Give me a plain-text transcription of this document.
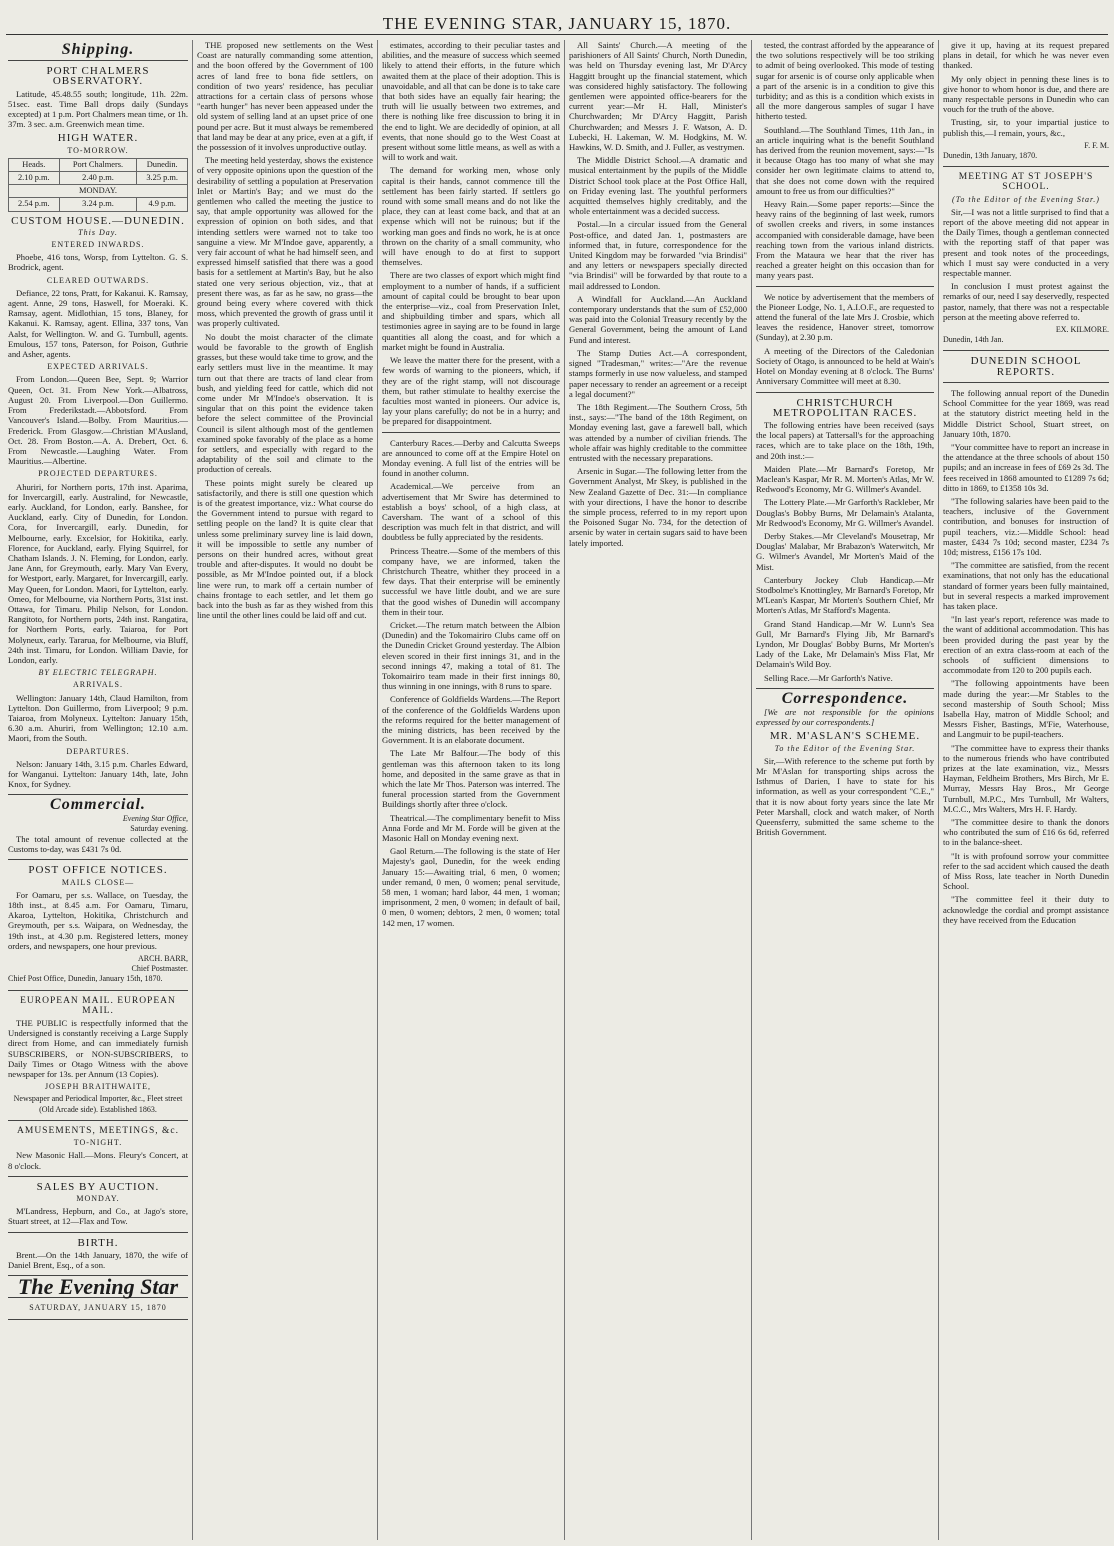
THE EVENING STAR, JANUARY 15, 1870.
Shipping.
PORT CHALMERS OBSERVATORY.

Latitude, 45.48.55 south; longitude, 11h. 22m. 51sec. east. Time Ball drops daily (Sundays excepted) at 1 p.m. Port Chalmers mean time, or 1h. 37m. 3 sec. a.m. Greenwich mean time.

HIGH WATER.
TO-MORROW.
Heads.	Port Chalmers.	Dunedin.
2.10 p.m.	2.40 p.m.	3.25 p.m.
MONDAY.		
2.54 p.m.	3.24 p.m.	4.9 p.m.
CUSTOM HOUSE.—DUNEDIN.
This Day.
ENTERED INWARDS.

Phoebe, 416 tons, Worsp, from Lyttelton. G. S. Brodrick, agent.

CLEARED OUTWARDS.

Defiance, 22 tons, Pratt, for Kakanui. K. Ramsay, agent. Anne, 29 tons, Haswell, for Moeraki. K. Ramsay, agent. Midlothian, 15 tons, Blaney, for Kakanui. K. Ramsay, agent. Ellina, 337 tons, Van Aalst, for Wellington. W. and G. Turnbull, agents. Emulous, 157 tons, Paterson, for Poison, Guthrie and Asher, agents.

EXPECTED ARRIVALS.

From London.—Queen Bee, Sept. 9; Warrior Queen, Oct. 31. From New York.—Albatross, August 20. From Liverpool.—Don Guillermo. From Frederikstadt.—Abbotsford. From Vancouver's Island.—Bolby. From Mauritius.—Frederick. From Glasgow.—Christian M'Ausland, Oct. 28. From Boston.—A. A. Drebert, Oct. 6. From Newcastle.—Laughing Water. From Mauritius.—Albertine.

PROJECTED DEPARTURES.

Ahuriri, for Northern ports, 17th inst. Aparima, for Invercargill, early. Australind, for Newcastle, early. Auckland, for London, early. Banshee, for Auckland, early. City of Dunedin, for London. Cora, for Invercargill, early. Dunedin, for Melbourne, early. Excelsior, for Hokitika, early. Florence, for Auckland, early. Flying Squirrel, for Chatham Islands. J. N. Fleming, for London, early. Jane Ann, for Greymouth, early. Mary Van Every, for Westport, early. Margaret, for Invercargill, early. May Queen, for London. Maori, for Lyttelton, early. Omeo, for Melbourne, via Northern Ports, 31st inst. Ottawa, for Timaru. Philip Nelson, for London. Rangitoto, for Northern ports, 24th inst. Rangatira, for Northern Ports, early. Taiaroa, for Port Molyneux, early. Tararua, for Melbourne, via Bluff, 24th inst. Timaru, for London. William Davie, for London, early.

BY ELECTRIC TELEGRAPH.
ARRIVALS.

Wellington: January 14th, Claud Hamilton, from Lyttelton. Don Guillermo, from Liverpool; 9 p.m. Taiaroa, from Molyneux. Lyttelton: January 15th, 6.30 a.m. Ahuriri, from Wellington; 12.10 a.m. Maori, from the South.

DEPARTURES.

Nelson: January 14th, 3.15 p.m. Charles Edward, for Wanganui. Lyttelton: January 14th, late, John Knox, for Sydney.

Commercial.
Evening Star Office,
Saturday evening.

The total amount of revenue collected at the Customs to-day, was £431 7s 0d.

POST OFFICE NOTICES.
MAILS CLOSE—

For Oamaru, per s.s. Wallace, on Tuesday, the 18th inst., at 8.45 a.m. For Oamaru, Timaru, Akaroa, Lyttelton, Hokitika, Christchurch and Greymouth, per s.s. Waipara, on Wednesday, the 19th inst., at 4.30 p.m. Registered letters, money orders, and newspapers, one hour previous.

ARCH. BARR,
Chief Postmaster.
Chief Post Office, Dunedin, January 15th, 1870.
EUROPEAN MAIL. EUROPEAN MAIL.

THE PUBLIC is respectfully informed that the Undersigned is constantly receiving a Large Supply direct from Home, and can immediately furnish SUBSCRIBERS, or NON-SUBSCRIBERS, to Daily Times or Otago Witness with the above newspaper for 13s. per Annum (13 Copies).

JOSEPH BRAITHWAITE,
Newspaper and Periodical Importer, &c., Fleet street (Old Arcade side). Established 1863.
AMUSEMENTS, MEETINGS, &c.
TO-NIGHT.

New Masonic Hall.—Mons. Fleury's Concert, at 8 o'clock.

SALES BY AUCTION.
MONDAY.

M'Landress, Hepburn, and Co., at Jago's store, Stuart street, at 12—Flax and Tow.

BIRTH.

Brent.—On the 14th January, 1870, the wife of Daniel Brent, Esq., of a son.

The Evening Star
SATURDAY, JANUARY 15, 1870

THE proposed new settlements on the West Coast are naturally commanding some attention, and the boon offered by the Government of 100 acres of land free to bona fide settlers, on condition of two years' residence, has peculiar attractions for a certain class of persons whose "earth hunger" has never been appeased under the old system of selling land at an upset price of one pound per acre. But it must always be remembered that land may be dear at any price, even at a gift, if the possession of it involves unproductive outlay.

The meeting held yesterday, shows the existence of very opposite opinions upon the question of the desirability of settling a population at Preservation Inlet or Martin's Bay; and we must do the gentlemen who called the meeting the justice to say, that ample opportunity was allowed for the expression of opinion on both sides, and that intending settlers were warned not to take too sanguine a view. Mr M'Indoe gave, apparently, a very fair account of what he had himself seen, and expressed himself satisfied that there was a good basis for a settlement at Martin's Bay, but he also stated one very serious objection, viz., that at present there was, as far as he saw, no grass—the ground being every where covered with thick moss, which prevented the growth of grass until it was properly cultivated.

No doubt the moist character of the climate would be favorable to the growth of English grasses, but these would take time to grow, and the early settlers must live in the meantime. It may turn out that there are tracts of land clear from bush, and yielding feed for cattle, which did not come under Mr M'Indoe's observation. It is singular that on this point the evidence taken before the select committee of the Provincial Council is silent although most of the gentlemen examined spoke favorably of the place as a home for settlers, and especially with regard to the adaptability of the soil and climate to the production of cereals.

These points might surely be cleared up satisfactorily, and there is still one question which is of the greatest importance, viz.: What course do the Government intend to pursue with regard to settling people on the land? It is quite clear that unless some preliminary survey line is laid down, it will be impossible to settle any number of persons on their hundred acres, without great trouble and after-disputes. It would no doubt be possible, as Mr M'Indoe pointed out, if a block line were run, to mark off a certain number of chains frontage to each settler, and let them go back into the bush as far as they wished from this line until the other lines could be laid off and cut.

estimates, according to their peculiar tastes and abilities, and the measure of success which seemed likely to attend their efforts, in the future which awaited them at the place of their adoption. This is unavoidable, and all that can be done is to take care that both sides have an equally fair hearing; the truth will lie usually between two extremes, and there is nothing like free discussion to bring it in the end to light. We are decidedly of opinion, at all events, that none should go to the West Coast at present without some little means, as well as with a will to work and wait.

The demand for working men, whose only capital is their hands, cannot commence till the settlement has been fairly started. If settlers go round with some small means and do not like the place, they can at least come back, and that at an expense which will not be ruinous; but if the working man goes and finds no work, he is at once thrown on the charity of a small community, who will have enough to do at first to support themselves.

There are two classes of export which might find employment to a number of hands, if a sufficient amount of capital could be brought to bear upon the enterprise—viz., coal from Preservation Inlet, and shipbuilding timber and spars, which all testimonies agree in saying are to be found in large quantities all along the coast, and for which a market might be found in Australia.

We leave the matter there for the present, with a few words of warning to the pioneers, which, if they are of the right stamp, will not discourage them, but rather stimulate to healthy exercise the faculties most wanted in pioneers. Our advice is, lay your plans carefully; do not be in a hurry; and be prepared for disappointment.

Canterbury Races.—Derby and Calcutta Sweeps are announced to come off at the Empire Hotel on Monday evening. A full list of the entries will be found in another column.

Academical.—We perceive from an advertisement that Mr Swire has determined to establish a boys' school, of a high class, at Caversham. The want of a school of this description was much felt in that district, and will doubtless be fully appreciated by the residents.

Princess Theatre.—Some of the members of this company have, we are informed, taken the Christchurch Theatre, whither they proceed in a few days. That their enterprise will be eminently successful we have little doubt, and we are sure that the good wishes of Dunedin will accompany them in their tour.

Cricket.—The return match between the Albion (Dunedin) and the Tokomairiro Clubs came off on the Dunedin Cricket Ground yesterday. The Albion eleven scored in their first innings 31, and in the second innings 47, making a total of 81. The Tokomairiro team made in their first innings 80, thus winning in one innings, with 8 runs to spare.

Conference of Goldfields Wardens.—The Report of the conference of the Goldfields Wardens upon the reforms required for the better management of the mining districts, has been received by the Government. It is an elaborate document.

The Late Mr Balfour.—The body of this gentleman was this afternoon taken to its long home, and deposited in the same grave as that in which the late Mr Thos. Paterson was interred. The funeral procession started from the Government Buildings shortly after three o'clock.

Theatrical.—The complimentary benefit to Miss Anna Forde and Mr M. Forde will be given at the Masonic Hall on Monday evening next.

Gaol Return.—The following is the state of Her Majesty's gaol, Dunedin, for the week ending January 15:—Awaiting trial, 6 men, 0 women; under remand, 0 men, 0 women; penal servitude, 58 men, 1 woman; hard labor, 44 men, 1 woman; imprisonment, 2 men, 0 women; in default of bail, 0 men, 0 women; debtors, 2 men, 0 women; total 142 men, 17 women.

All Saints' Church.—A meeting of the parishioners of All Saints' Church, North Dunedin, was held on Thursday evening last, Mr D'Arcy Haggitt brought up the financial statement, which was considered highly satisfactory. The following gentlemen were appointed office-bearers for the current year:—Mr H. Hall, Minister's Churchwarden; Mr D'Arcy Haggitt, Parish Churchwarden; and Messrs J. F. Watson, A. D. Lubecki, H. Lakeman, W. M. Hodgkins, M. W. Hawkins, W. D. Smith, and J. Fuller, as vestrymen.

The Middle District School.—A dramatic and musical entertainment by the pupils of the Middle District School took place at the Post Office Hall, on Friday evening last. The youthful performers acquitted themselves highly creditably, and the whole entertainment was a decided success.

Postal.—In a circular issued from the General Post-office, and dated Jan. 1, postmasters are informed that, in future, correspondence for the United Kingdom may be forwarded "via Brindisi" and any letters or newspapers specially directed "via Brindisi" will be forwarded by that route to a mail addressed to London.

A Windfall for Auckland.—An Auckland contemporary understands that the sum of £52,000 was paid into the Colonial Treasury recently by the General Government, being the amount of Land Fund and interest.

The Stamp Duties Act.—A correspondent, signed "Tradesman," writes:—"Are the revenue stamps formerly in use now valueless, and stamped paper necessary to render an agreement or a receipt a legal document?"

The 18th Regiment.—The Southern Cross, 5th inst., says:—"The band of the 18th Regiment, on Monday evening last, gave a farewell ball, which was attended by a number of civilian friends. The whole affair was highly creditable to the committee entrusted with the necessary preparations.

Arsenic in Sugar.—The following letter from the Government Analyst, Mr Skey, is published in the New Zealand Gazette of Dec. 31:—In compliance with your directions, I have the honor to describe the simple process, referred to in my report upon the Poisoned Sugar No. 734, for the detection of arsenic by water in certain sugars said to have been lately imported.

tested, the contrast afforded by the appearance of the two solutions respectively will be too striking to admit of being overlooked. This mode of testing sugar for arsenic is of course only applicable when a part of the arsenic is in a condition to give this turbidity; and as this is a condition which exists in all the more dangerous samples of sugar I have hitherto tested.

Southland.—The Southland Times, 11th Jan., in an article inquiring what is the benefit Southland has derived from the reunion movement, says:—"Is it because Otago has too many of what she may consider her own legitimate claims to attend to, that she does not come down with the required amount to free us from our difficulties?"

Heavy Rain.—Some paper reports:—Since the heavy rains of the beginning of last week, rumors of swollen creeks and rivers, in some instances accompanied with considerable damage, have been reaching town from the various inland districts. From the Mataura we hear that the river has reached a greater height on this occasion than for many years past.

We notice by advertisement that the members of the Pioneer Lodge, No. 1, A.I.O.F., are requested to attend the funeral of the late Mrs J. Crosbie, which leaves the residence, Hanover street, tomorrow (Sunday), at 2.30 p.m.

A meeting of the Directors of the Caledonian Society of Otago, is announced to be held at Wain's Hotel on Monday evening at 8 o'clock. The Burns' Anniversary Committee will meet at 8.30.

CHRISTCHURCH METROPOLITAN RACES.

The following entries have been received (says the local papers) at Tattersall's for the approaching races, which are to take place on the 18th, 19th, and 20th inst.:—

Maiden Plate.—Mr Barnard's Foretop, Mr Maclean's Kaspar, Mr R. M. Morten's Atlas, Mr W. Redwood's Economy, Mr G. Willmer's Avandel.

The Lottery Plate.—Mr Garforth's Rackleber, Mr Douglas's Bobby Burns, Mr Delamain's Atalanta, Mr Redwood's Economy, Mr G. Willmer's Avandel.

Derby Stakes.—Mr Cleveland's Mousetrap, Mr Douglas' Malabar, Mr Brabazon's Waterwitch, Mr G. Wilmer's Avandel, Mr Morten's Maid of the Mist.

Canterbury Jockey Club Handicap.—Mr Stodbolme's Knottingley, Mr Barnard's Foretop, Mr M'Lean's Kaspar, Mr Morten's Southern Chief, Mr Morten's Atlas, Mr Stafford's Magenta.

Grand Stand Handicap.—Mr W. Lunn's Sea Gull, Mr Barnard's Flying Jib, Mr Barnard's Lyndon, Mr Douglas' Bobby Burns, Mr Morten's Lady of the Lake, Mr Delamain's Miss Flat, Mr Delamain's Wild Boy.

Selling Race.—Mr Garforth's Native.

Correspondence.

[We are not responsible for the opinions expressed by our correspondents.]

MR. M'ASLAN'S SCHEME.
To the Editor of the Evening Star.

Sir,—With reference to the scheme put forth by Mr M'Aslan for transporting ships across the Isthmus of Darien, I have to state for his information, as well as your correspondent "C.E.," that it is now about forty years since the late Mr Peter Marshall, clock and watch maker, of North Queensferry, submitted the same scheme to the British Government.

give it up, having at its request prepared plans in detail, for which he was never even thanked.

My only object in penning these lines is to give honor to whom honor is due, and there are many respectable persons in Dunedin who can vouch for the truth of the above.

Trusting, sir, to your impartial justice to publish this,—I remain, yours, &c.,

F. F. M.
Dunedin, 13th January, 1870.
MEETING AT ST JOSEPH'S SCHOOL.
(To the Editor of the Evening Star.)

Sir,—I was not a little surprised to find that a report of the above meeting did not appear in the Daily Times, though a gentleman connected with the reporting staff of that paper was present and took notes of the proceedings, which I must say were conducted in a very respectable manner.

In conclusion I must protest against the remarks of our, need I say deservedly, respected pastor, namely, that there was not a respectable person at the meeting above referred to.

EX. KILMORE.
Dunedin, 14th Jan.
DUNEDIN SCHOOL REPORTS.

The following annual report of the Dunedin School Committee for the year 1869, was read at the statutory district meeting held in the Middle District School, Stuart street, on January 10th, 1870.

"Your committee have to report an increase in the attendance at the three schools of about 150 pupils; and an increase in fees of £69 2s 3d. The fees received in 1868 amounted to £1289 7s 6d; ditto in 1869, to £1358 10s 3d.

"The following salaries have been paid to the teachers, inclusive of the Government contribution, and bonuses for instruction of pupil teachers, viz.:—Middle School: head master, £434 7s 10d; second master, £234 7s 10d; mistress, £156 17s 10d.

"The committee are satisfied, from the recent examinations, that not only has the educational standard of former years been fully maintained, but in several respects a marked improvement has taken place.

"In last year's report, reference was made to the want of additional accommodation. This has been provided during the past year by the erection of an extra class-room at each of the schools of sufficient dimensions to accommodate from 120 to 200 pupils each.

"The following appointments have been made during the year:—Mr Stables to the second mastership of South School; Miss Isabella Hay, matron of Middle School; and Messrs Fisher, Bastings, M'Fie, Waterhouse, and Langmuir to be pupil-teachers.

"The committee have to express their thanks to the numerous friends who have contributed prizes at the late examination, viz., Messrs Hayman, Feldheim Brothers, Mrs Birch, Mr E. Murray, Messrs Hay Bros., Mr George Turnbull, M.P.C., Mrs Turnbull, Mr Walters, M.C.C., Mrs Walters, Mrs H. F. Hardy.

"The committee desire to thank the donors who contributed the sum of £16 6s 6d, referred to in the balance-sheet.

"It is with profound sorrow your committee refer to the sad accident which caused the death of Miss Ross, late teacher in North Dunedin School.

"The committee feel it their duty to acknowledge the cordial and prompt assistance they have received from the Education
